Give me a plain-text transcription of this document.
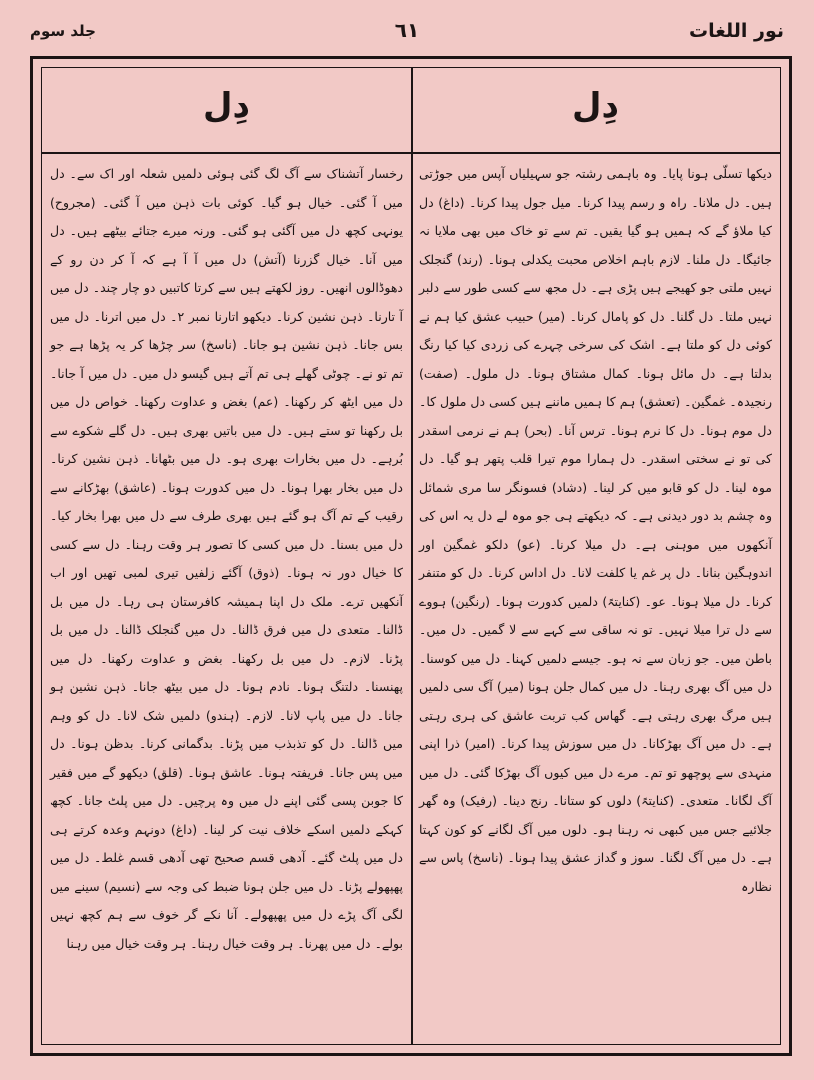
نور اللغات
٦١
جلد سوم
دِل
دِل

دیکھا تسلّی ہونا پایا۔ وہ باہمی رشتہ جو سہیلیاں آپس میں جوڑتی ہیں۔ دل ملانا۔ راہ و رسم پیدا کرنا۔ میل جول پیدا کرنا۔ (داغ) دل کیا ملاؤ گے کہ ہمیں ہو گیا یقیں۔ تم سے تو خاک میں بھی ملایا نہ جائیگا۔ دل ملنا۔ لازم باہم اخلاص محبت یکدلی ہونا۔ (رند) گنجلک نہیں ملتی جو کھیجے ہیں پڑی ہے۔ دل مجھ سے کسی طور سے دلبر نہیں ملتا۔ دل گلنا۔ دل کو پامال کرنا۔ (میر) حبیب عشق کیا ہم نے کوئی دل کو ملتا ہے۔ اشک کی سرخی چہرے کی زردی کیا کیا رنگ بدلتا ہے۔ دل مائل ہونا۔ کمال مشتاق ہونا۔ دل ملول۔ (صفت) رنجیدہ۔ غمگین۔ (تعشق) ہم کا ہمیں ماننے ہیں کسی دل ملول کا۔ دل موم ہونا۔ دل کا نرم ہونا۔ ترس آنا۔ (بحر) ہم نے نرمی اسقدر کی تو نے سختی اسقدر۔ دل ہمارا موم تیرا قلب پتھر ہو گیا۔ دل موہ لینا۔ دل کو قابو میں کر لینا۔ (دشاد) فسونگر سا مری شمائل وہ چشم بد دور دیدنی ہے۔ کہ دیکھتے ہی جو موہ لے دل یہ اس کی آنکھوں میں موہنی ہے۔ دل میلا کرنا۔ (عو) دلکو غمگین اور اندوہگین بنانا۔ دل پر غم یا کلفت لانا۔ دل اداس کرنا۔ دل کو متنفر کرنا۔ دل میلا ہونا۔ عو۔ (کنایتہً) دلمیں کدورت ہونا۔ (رنگین) ہووے سے دل ترا میلا نہیں۔ تو نہ ساقی سے کہے سے لا گمیں۔ دل میں۔ باطن میں۔ جو زبان سے نہ ہو۔ جیسے دلمیں کہنا۔ دل میں کوسنا۔ دل میں آگ بھری رہنا۔ دل میں کمال جلن ہونا (میر) آگ سی دلمیں ہیں مرگ بھری رہتی ہے۔ گھاس کب تربت عاشق کی ہری رہتی ہے۔ دل میں آگ بھڑکانا۔ دل میں سوزش پیدا کرنا۔ (امیر) ذرا اپنی منہدی سے پوچھو تو تم۔ مرے دل میں کیوں آگ بھڑکا گئی۔ دل میں آگ لگانا۔ متعدی۔ (کنایتہً) دلوں کو ستانا۔ رنج دینا۔ (رفیک) وہ گھر جلائیے جس میں کبھی نہ رہنا ہو۔ دلوں میں آگ لگانے کو کون کہتا ہے۔ دل میں آگ لگنا۔ سوز و گداز عشق پیدا ہونا۔ (ناسخ) پاس سے نظارہ

رخسار آتشناک سے آگ لگ گئی ہوئی دلمیں شعلہ اور اک سے۔ دل میں آ گئی۔ خیال ہو گیا۔ کوئی بات ذہن میں آ گئی۔ (مجروح) یونہی کچھ دل میں آگئی ہو گئی۔ ورنہ میرے جتائے بیٹھے ہیں۔ دل میں آنا۔ خیال گزرنا (آتش) دل میں آ آ ہے کہ آ کر دن رو کے دھوڈالوں انھیں۔ روز لکھتے ہیں سے کرتا کاتبیں دو چار چند۔ دل میں آ تارنا۔ ذہن نشین کرنا۔ دیکھو اتارنا نمبر ۲۔ دل میں اترنا۔ دل میں بس جانا۔ ذہن نشین ہو جانا۔ (ناسخ) سر چڑھا کر یہ پڑھا ہے جو تم تو نے۔ چوٹی گھلے ہی تم آتے ہیں گیسو دل میں۔ دل میں آ جانا۔ دل میں ایٹھ کر رکھنا۔ (عم) بغض و عداوت رکھنا۔ خواص دل میں بل رکھنا تو ستے ہیں۔ دل میں باتیں بھری ہیں۔ دل گلے شکوے سے بُرہے۔ دل میں بخارات بھری ہو۔ دل میں بٹھانا۔ ذہن نشین کرنا۔ دل میں بخار بھرا ہونا۔ دل میں کدورت ہونا۔ (عاشق) بھڑکانے سے رقیب کے تم آگ ہو گئے ہیں بھری طرف سے دل میں بھرا بخار کیا۔ دل میں بسنا۔ دل میں کسی کا تصور ہر وقت رہنا۔ دل سے کسی کا خیال دور نہ ہونا۔ (ذوق) آگئے زلفیں تیری لمبی تھیں اور اب آنکھیں ترے۔ ملک دل اپنا ہمیشہ کافرستان ہی رہا۔ دل میں بل ڈالنا۔ متعدی دل میں فرق ڈالنا۔ دل میں گنجلک ڈالنا۔ دل میں بل پڑنا۔ لازم۔ دل میں بل رکھنا۔ بغض و عداوت رکھنا۔ دل میں پھنسنا۔ دلتنگ ہونا۔ نادم ہونا۔ دل میں بیٹھ جانا۔ ذہن نشین ہو جانا۔ دل میں پاپ لانا۔ لازم۔ (ہندو) دلمیں شک لانا۔ دل کو وہم میں ڈالنا۔ دل کو تذبذب میں پڑنا۔ بدگمانی کرنا۔ بدظن ہونا۔ دل میں پس جانا۔ فریفتہ ہونا۔ عاشق ہونا۔ (قلق) دیکھو گے میں فقیر کا جوبن پسی گئی اپنے دل میں وہ پرچیں۔ دل میں پلٹ جانا۔ کچھ کہکے دلمیں اسکے خلاف نیت کر لینا۔ (داغ) دونہم وعدہ کرتے ہی دل میں پلٹ گئے۔ آدھی قسم صحیح تھی آدھی قسم غلط۔ دل میں پھپھولے پڑنا۔ دل میں جلن ہونا ضبط کی وجہ سے (نسیم) سینے میں لگی آگ پڑے دل میں پھپھولے۔ آنا نکے گر خوف سے ہم کچھ نہیں بولے۔ دل میں پھرنا۔ ہر وقت خیال رہنا۔ ہر وقت خیال میں رہنا
